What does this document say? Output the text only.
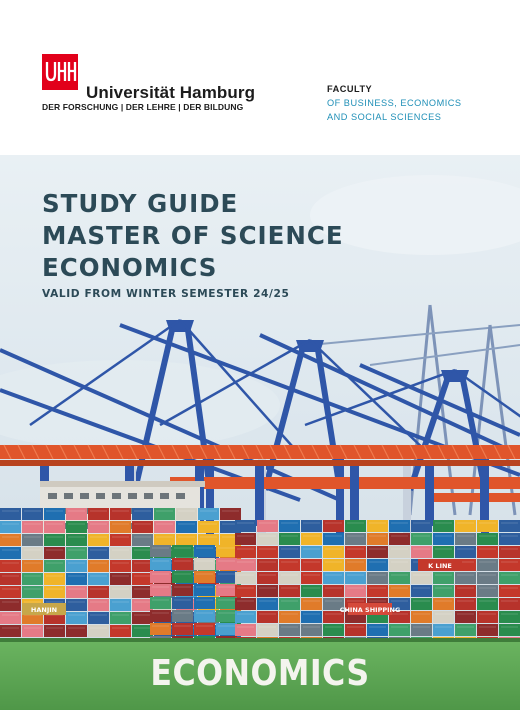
Universität Hamburg
DER FORSCHUNG | DER LEHRE | DER BILDUNG
FACULTY
OF BUSINESS, ECONOMICS
AND SOCIAL SCIENCES
HANJIN
K LINE
CHINA SHIPPING
STUDY GUIDE
MASTER OF SCIENCE
ECONOMICS
VALID FROM WINTER SEMESTER 24/25
ECONOMICS
